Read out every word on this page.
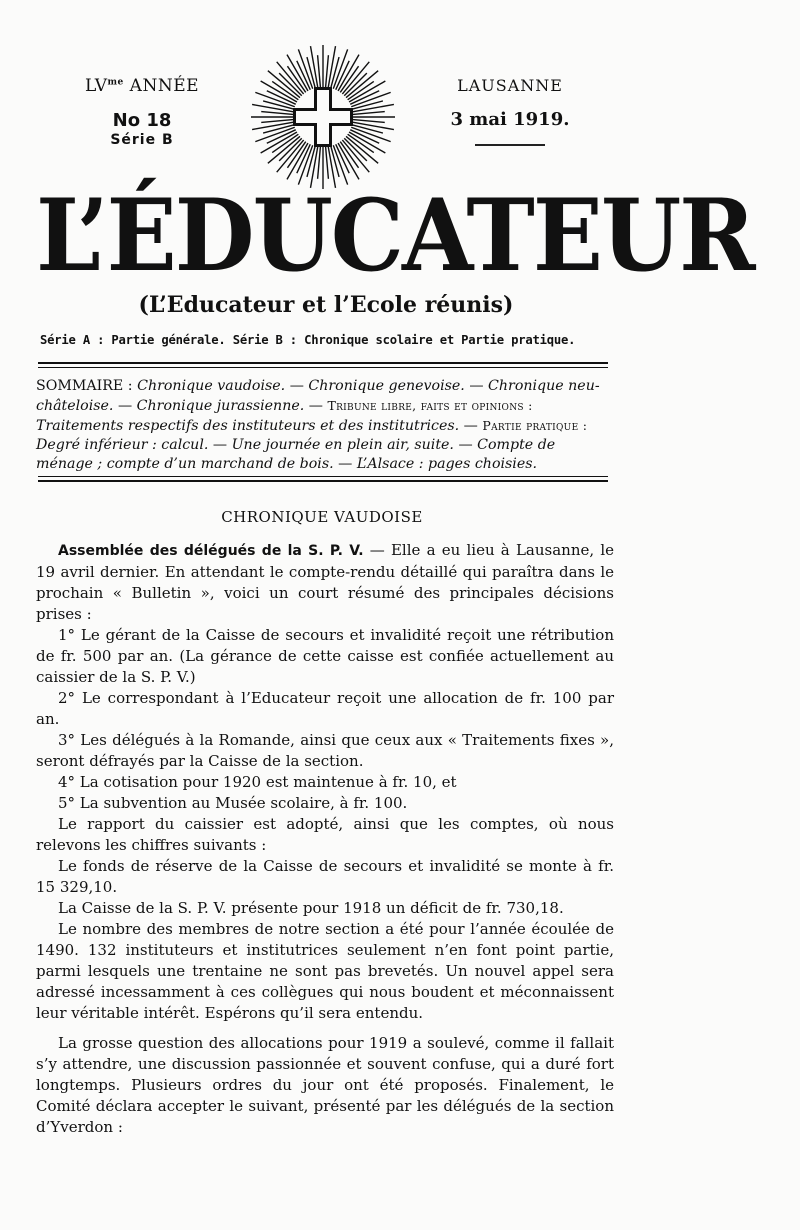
$LV^{me}$ ANNÉE
No 18
Série B
LAUSANNE
3 mai 1919.
L’ÉDUCATEUR
(L’Educateur et l’Ecole réunis)
Série A : Partie générale. Série B : Chronique scolaire et Partie pratique.
SOMMAIRE : Chronique vaudoise. — Chronique genevoise. — Chronique neu-châteloise. — Chronique jurassienne. — Tribune libre, faits et opinions : Traitements respectifs des instituteurs et des institutrices. — Partie pratique : Degré inférieur : calcul. — Une journée en plein air, suite. — Compte de ménage ; compte d’un marchand de bois. — L’Alsace : pages choisies.
CHRONIQUE VAUDOISE

Assemblée des délégués de la S. P. V. — Elle a eu lieu à Lausanne, le 19 avril dernier. En attendant le compte-rendu détaillé qui paraîtra dans le prochain « Bulletin », voici un court résumé des principales décisions prises :

1° Le gérant de la Caisse de secours et invalidité reçoit une rétribution de fr. 500 par an. (La gérance de cette caisse est confiée actuellement au caissier de la S. P. V.)

2° Le correspondant à l’Educateur reçoit une allocation de fr. 100 par an.

3° Les délégués à la Romande, ainsi que ceux aux « Traitements fixes », seront défrayés par la Caisse de la section.

4° La cotisation pour 1920 est maintenue à fr. 10, et

5° La subvention au Musée scolaire, à fr. 100.

Le rapport du caissier est adopté, ainsi que les comptes, où nous relevons les chiffres suivants :

Le fonds de réserve de la Caisse de secours et invalidité se monte à fr. 15 329,10.

La Caisse de la S. P. V. présente pour 1918 un déficit de fr. 730,18.

Le nombre des membres de notre section a été pour l’année écoulée de 1490. 132 instituteurs et institutrices seulement n’en font point partie, parmi lesquels une trentaine ne sont pas brevetés. Un nouvel appel sera adressé incessamment à ces collègues qui nous boudent et méconnaissent leur véritable intérêt. Espérons qu’il sera entendu.

La grosse question des allocations pour 1919 a soulevé, comme il fallait s’y attendre, une discussion passionnée et souvent confuse, qui a duré fort longtemps. Plusieurs ordres du jour ont été proposés. Finalement, le Comité déclara accepter le suivant, présenté par les délégués de la section d’Yverdon :
